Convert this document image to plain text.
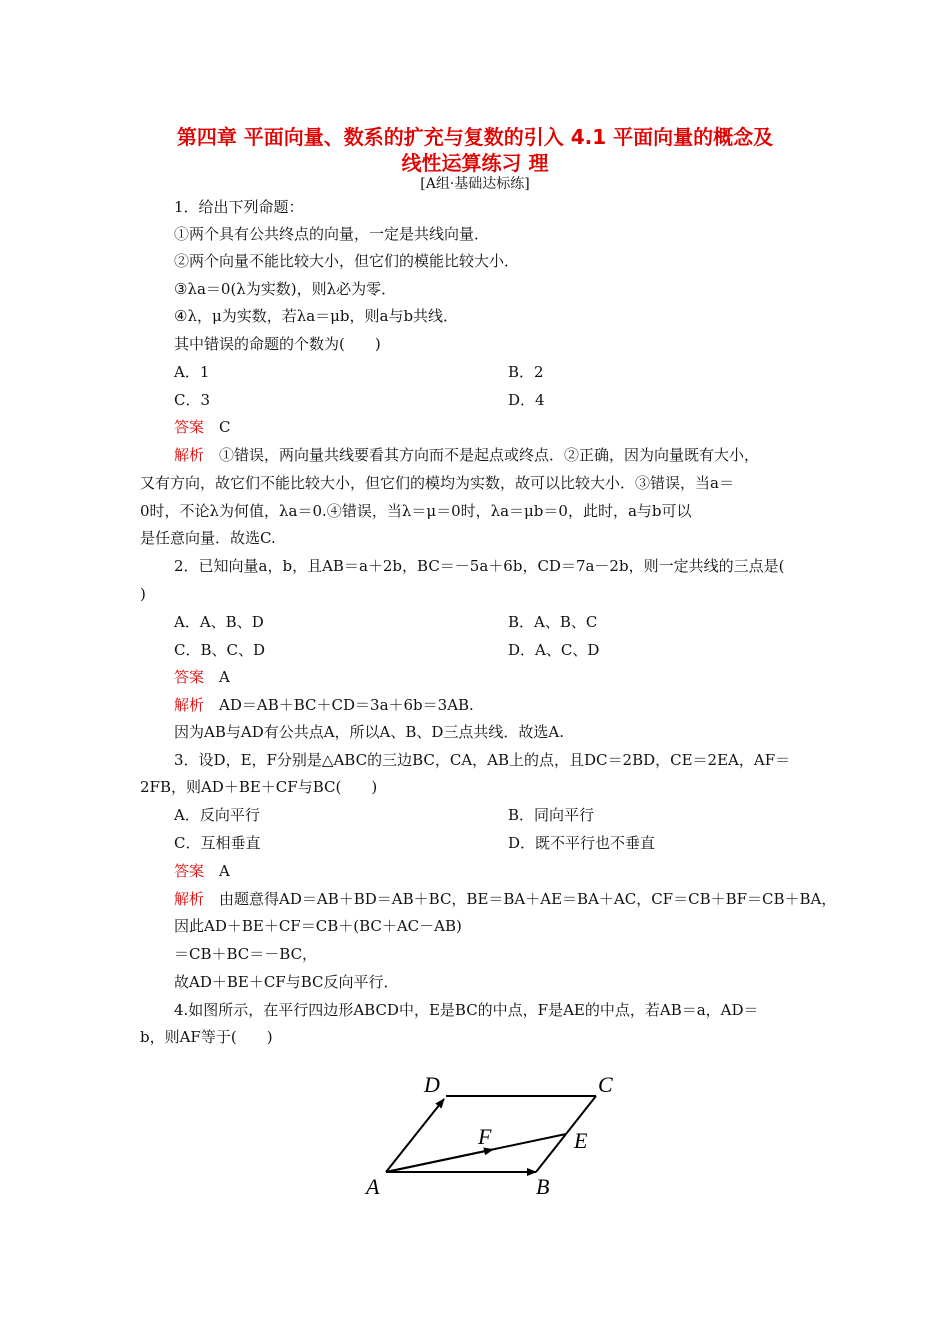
第四章 平面向量、数系的扩充与复数的引入 4.1 平面向量的概念及
线性运算练习 理
[A组·基础达标练]
1．给出下列命题：
①两个具有公共终点的向量，一定是共线向量．
②两个向量不能比较大小，但它们的模能比较大小．
③λa＝0(λ为实数)，则λ必为零．
④λ，μ为实数，若λa＝μb，则a与b共线．
其中错误的命题的个数为(　　)
A．1	B．2
C．3	D．4
答案　 C
解析　 ①错误，两向量共线要看其方向而不是起点或终点．②正确，因为向量既有大小，
又有方向，故它们不能比较大小，但它们的模均为实数，故可以比较大小．③错误，当a＝
0时，不论λ为何值，λa＝0.④错误，当λ＝μ＝0时，λa＝μb＝0，此时，a与b可以
是任意向量．故选C.
2．已知向量a，b，且AB＝a＋2b，BC＝－5a＋6b，CD＝7a－2b，则一定共线的三点是(
)
A．A、B、D	B．A、B、C
C．B、C、D	D．A、C、D
答案　 A
解析　 AD＝AB＋BC＋CD＝3a＋6b＝3AB.
因为AB与AD有公共点A，所以A、B、D三点共线．故选A.
3．设D，E，F分别是△ABC的三边BC，CA，AB上的点，且DC＝2BD，CE＝2EA，AF＝
2FB，则AD＋BE＋CF与BC(　　)
A．反向平行	B．同向平行
C．互相垂直	D．既不平行也不垂直
答案　 A
解析　 由题意得AD＝AB＋BD＝AB＋BC，BE＝BA＋AE＝BA＋AC，CF＝CB＋BF＝CB＋BA，
因此AD＋BE＋CF＝CB＋(BC＋AC－AB)
＝CB＋BC＝－BC，
故AD＋BE＋CF与BC反向平行．
4.如图所示，在平行四边形ABCD中，E是BC的中点，F是AE的中点，若AB＝a，AD＝
b，则AF等于(　　)
A	B
C
D
E
F
